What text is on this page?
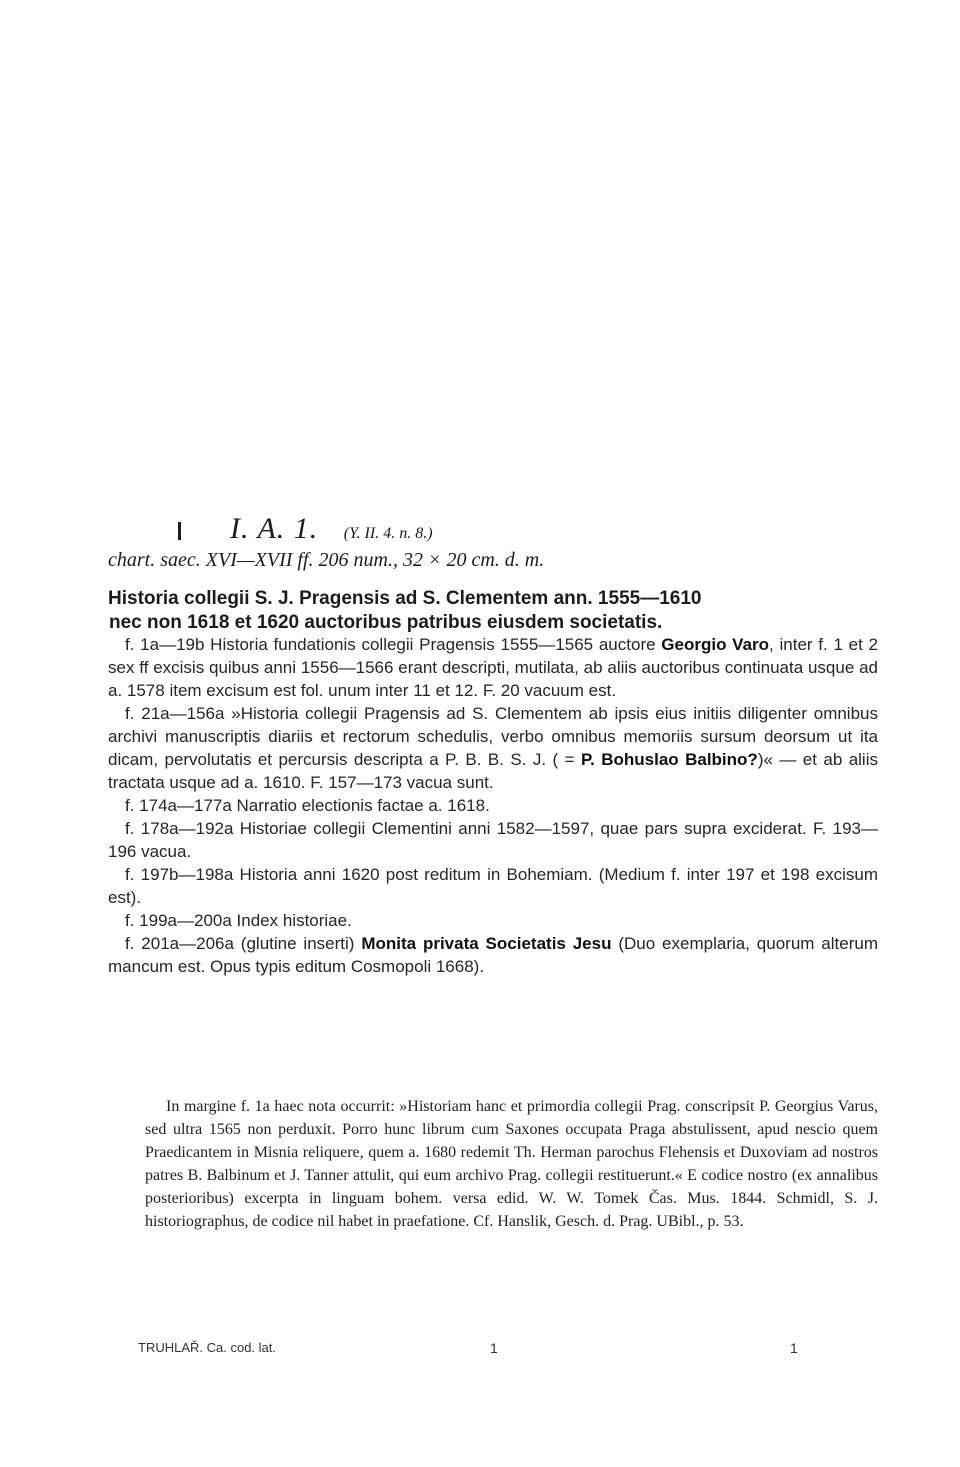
I. A. 1. (Y. II. 4. n. 8.)
chart. saec. XVI—XVII ff. 206 num., 32 × 20 cm. d. m.
Historia collegii S. J. Pragensis ad S. Clementem ann. 1555—1610
nec non 1618 et 1620 auctoribus patribus eiusdem societatis.
f. 1a—19b Historia fundationis collegii Pragensis 1555—1565 auctore Georgio Varo, inter f. 1 et 2 sex ff excisis quibus anni 1556—1566 erant descripti, mutilata, ab aliis auctoribus continuata usque ad a. 1578 item excisum est fol. unum inter 11 et 12. F. 20 vacuum est.
f. 21a—156a »Historia collegii Pragensis ad S. Clementem ab ipsis eius initiis diligenter omnibus archivi manuscriptis diariis et rectorum schedulis, verbo omnibus memoriis sursum deorsum ut ita dicam, pervolutatis et percursis descripta a P. B. B. S. J. ( = P. Bohuslao Balbino?)« — et ab aliis tractata usque ad a. 1610. F. 157—173 vacua sunt.
f. 174a—177a Narratio electionis factae a. 1618.
f. 178a—192a Historiae collegii Clementini anni 1582—1597, quae pars supra exciderat. F. 193—196 vacua.
f. 197b—198a Historia anni 1620 post reditum in Bohemiam. (Medium f. inter 197 et 198 excisum est).
f. 199a—200a Index historiae.
f. 201a—206a (glutine inserti) Monita privata Societatis Jesu (Duo exemplaria, quorum alterum mancum est. Opus typis editum Cosmopoli 1668).
In margine f. 1a haec nota occurrit: »Historiam hanc et primordia collegii Prag. conscripsit P. Georgius Varus, sed ultra 1565 non perduxit. Porro hunc librum cum Saxones occupata Praga abstulissent, apud nescio quem Praedicantem in Misnia reliquere, quem a. 1680 redemit Th. Herman parochus Flehensis et Duxoviam ad nostros patres B. Balbinum et J. Tanner attulit, qui eum archivo Prag. collegii restituerunt.« E codice nostro (ex annalibus posterioribus) excerpta in linguam bohem. versa edid. W. W. Tomek Čas. Mus. 1844. Schmidl, S. J. historiographus, de codice nil habet in praefatione. Cf. Hanslik, Gesch. d. Prag. UBibl., p. 53.
TRUHLAŘ. Ca. cod. lat.	1	1
